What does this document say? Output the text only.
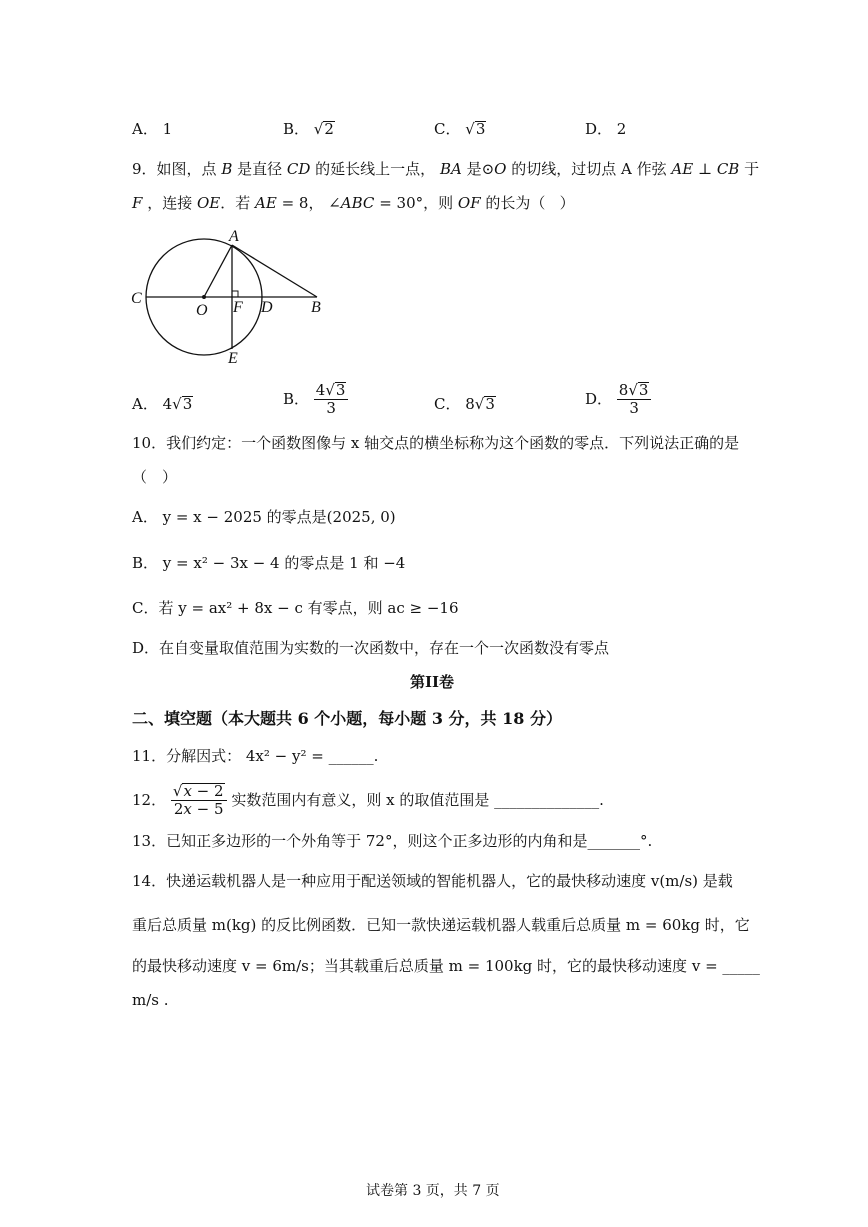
A． 1	B． √2	C． √3	D． 2
9．如图，点 B 是直径 CD 的延长线上一点， BA 是⊙O 的切线，过切点 A 作弦 AE ⊥ CB 于
F ，连接 OE．若 AE = 8， ∠ABC = 30°，则 OF 的长为（   ）
A
C
O F D B
E
A． 4√3	B． $\frac{4√3}{3}$	C． 8√3	D． $\frac{8√3}{3}$
10．我们约定：一个函数图像与 x 轴交点的横坐标称为这个函数的零点．下列说法正确的是
（　）
A． y = x − 2025 的零点是(2025, 0)
B． y = x² − 3x − 4 的零点是 1 和 −4
C．若 y = ax² + 8x − c 有零点，则 ac ≥ −16
D．在自变量取值范围为实数的一次函数中，存在一个一次函数没有零点
第II卷
二、填空题（本大题共 6 个小题，每小题 3 分，共 18 分）
11．分解因式： 4x² − y² = ______.
12． $\frac{√x - 2}{2x - 5}$ 实数范围内有意义，则 x 的取值范围是 ______________.
13．已知正多边形的一个外角等于 72°，则这个正多边形的内角和是_______°.
14．快递运载机器人是一种应用于配送领域的智能机器人，它的最快移动速度 v(m/s) 是载
重后总质量 m(kg) 的反比例函数．已知一款快递运载机器人载重后总质量 m = 60kg 时，它
的最快移动速度 v = 6m/s；当其载重后总质量 m = 100kg 时，它的最快移动速度 v = _____
m/s .
试卷第 3 页，共 7 页
